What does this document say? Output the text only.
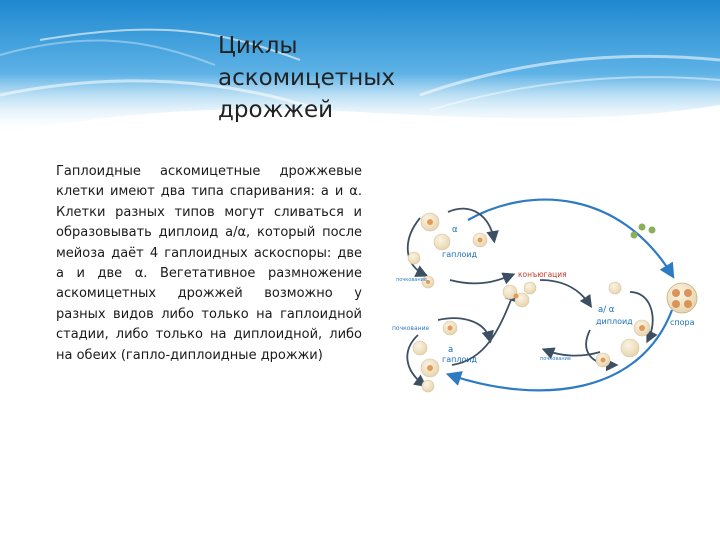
Циклы
аскомицетных
дрожжей
Гаплоидные аскомицетные дрожжевые клетки имеют два типа спаривания: a и α. Клетки разных типов могут сливаться и образовывать диплоид a/α, который после мейоза даёт 4 гаплоидных аскоспоры: две a и две α. Вегетативное размножение аскомицетных дрожжей возможно у разных видов либо только на гаплоидной стадии, либо только на диплоидной, либо на обеих (гапло-диплоидные дрожжи)
α
гаплоид
a
гаплоид
a/ α
диплоид
конъюгация
спора
почкование
почкование
почкование
